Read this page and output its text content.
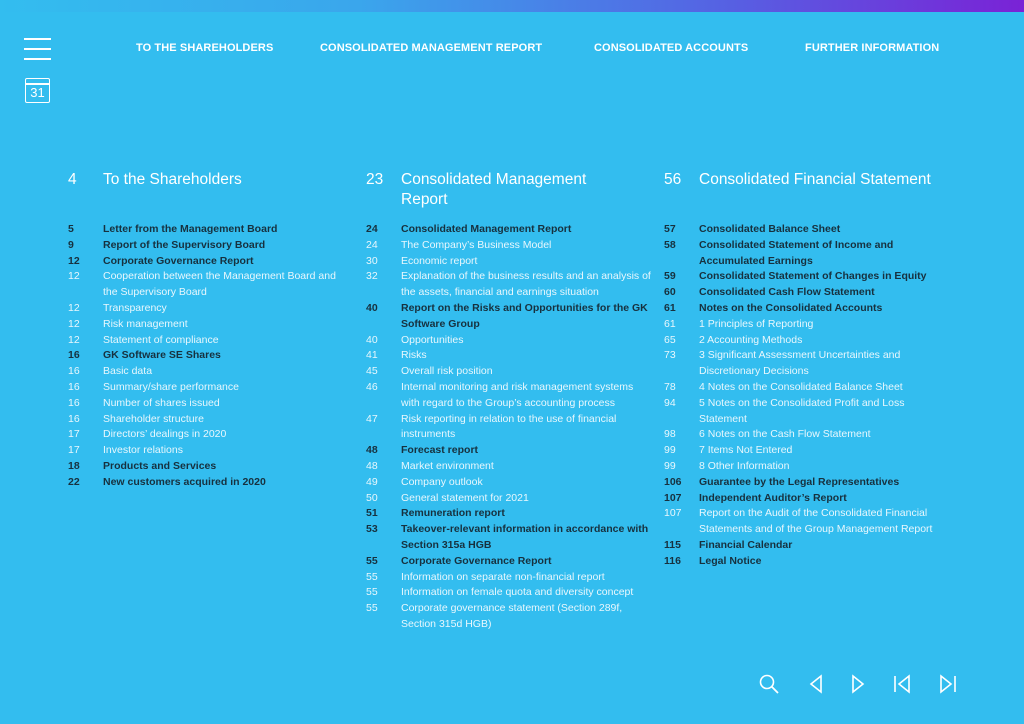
31
TO THE SHAREHOLDERS	CONSOLIDATED MANAGEMENT REPORT	CONSOLIDATED ACCOUNTS	FURTHER INFORMATION
4 To the Shareholders
5	Letter from the Management Board
9	Report of the Supervisory Board
12	Corporate Governance Report
12	Cooperation between the Management Board and the Supervisory Board
12	Transparency
12	Risk management
12	Statement of compliance
16	GK Software SE Shares
16	Basic data
16	Summary/share performance
16	Number of shares issued
16	Shareholder structure
17	Directors’ dealings in 2020
17	Investor relations
18	Products and Services
22	New customers acquired in 2020
23 Consolidated Management Report
24	Consolidated Management Report
24	The Company’s Business Model
30	Economic report
32	Explanation of the business results and an analysis of the assets, financial and earnings situation
40	Report on the Risks and Opportunities for the GK Software Group
40	Opportunities
41	Risks
45	Overall risk position
46	Internal monitoring and risk management systems with regard to the Group’s accounting process
47	Risk reporting in relation to the use of financial instruments
48	Forecast report
48	Market environment
49	Company outlook
50	General statement for 2021
51	Remuneration report
53	Takeover-relevant information in accordance with Section 315a HGB
55	Corporate Governance Report
55	Information on separate non-financial report
55	Information on female quota and diversity concept
55	Corporate governance statement (Section 289f, Section 315d HGB)
56 Consolidated Financial Statement
57	Consolidated Balance Sheet
58	Consolidated Statement of Income and Accumulated Earnings
59	Consolidated Statement of Changes in Equity
60	Consolidated Cash Flow Statement
61	Notes on the Consolidated Accounts
61	1 Principles of Reporting
65	2 Accounting Methods
73	3 Significant Assessment Uncertainties and Discretionary Decisions
78	4 Notes on the Consolidated Balance Sheet
94	5 Notes on the Consolidated Profit and Loss Statement
98	6 Notes on the Cash Flow Statement
99	7 Items Not Entered
99	8 Other Information
106	Guarantee by the Legal Representatives
107	Independent Auditor’s Report
107	Report on the Audit of the Consolidated Financial Statements and of the Group Management Report
115	Financial Calendar
116	Legal Notice
